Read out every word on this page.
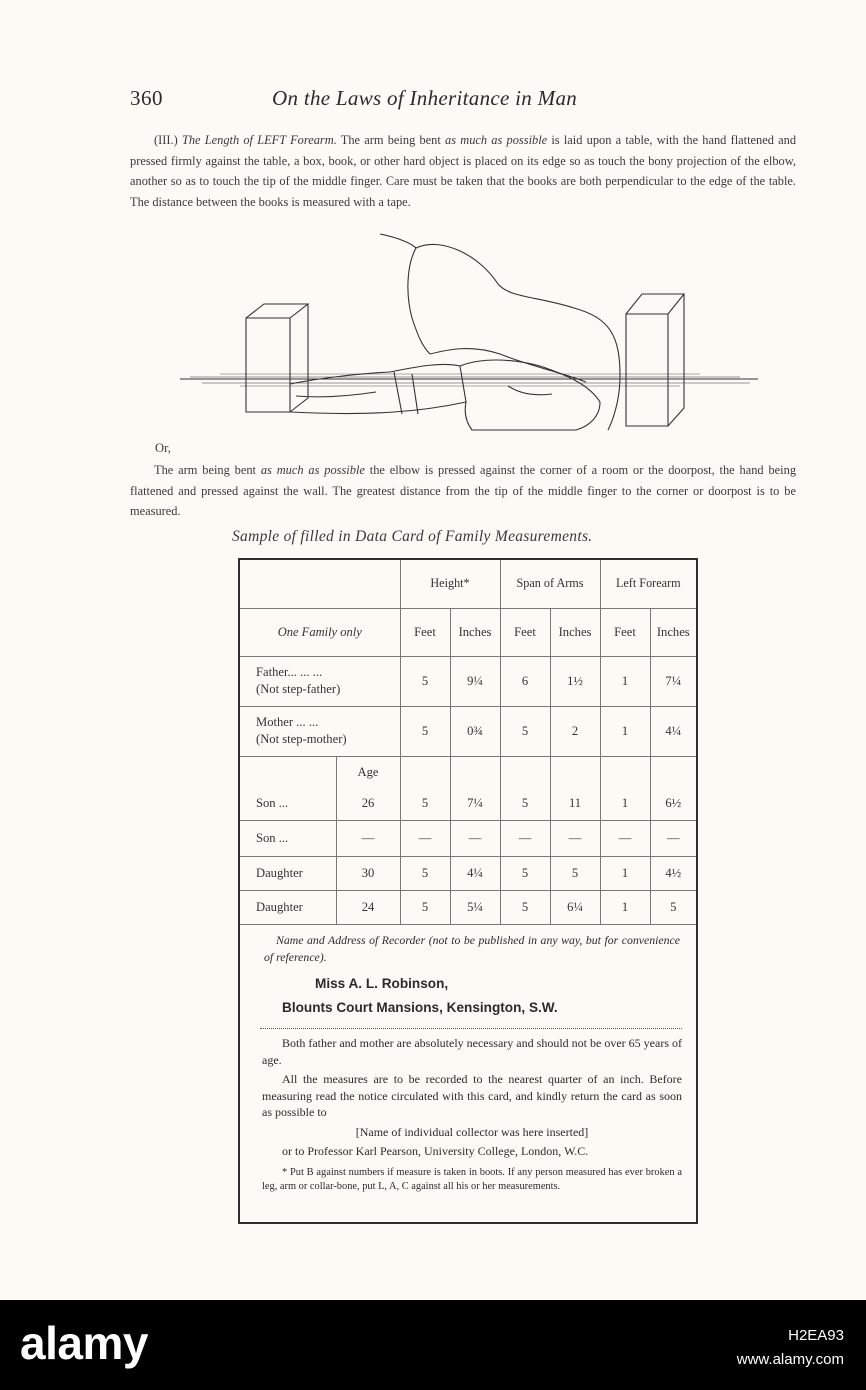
360	On the Laws of Inheritance in Man
(III.) The Length of LEFT Forearm. The arm being bent as much as possible is laid upon a table, with the hand flattened and pressed firmly against the table, a box, book, or other hard object is placed on its edge so as touch the bony projection of the elbow, another so as to touch the tip of the middle finger. Care must be taken that the books are both perpendicular to the edge of the table. The distance between the books is measured with a tape.
Or,
The arm being bent as much as possible the elbow is pressed against the corner of a room or the doorpost, the hand being flattened and pressed against the wall. The greatest distance from the tip of the middle finger to the corner or doorpost is to be measured.
Sample of filled in Data Card of Family Measurements.
		Height*		Span of Arms		Left Forearm	
One Family only		Feet	Inches	Feet	Inches	Feet	Inches

Father... ... ...
(Not step-father)		5	9¼	6	1½	1	7¼

Mother ... ...
(Not step-mother)		5	0¾	5	2	1	4¼
	Age						
Son ...	26	5	7¼	5	11	1	6½
Son ...	—	—	—	—	—	—	—
Daughter	30	5	4¼	5	5	1	4½
Daughter	24	5	5¼	5	6¼	1	5
Name and Address of Recorder (not to be published in any way, but for convenience of reference).
Miss A. L. Robinson,
Blounts Court Mansions, Kensington, S.W.

Both father and mother are absolutely necessary and should not be over 65 years of age.

All the measures are to be recorded to the nearest quarter of an inch. Before measuring read the notice circulated with this card, and kindly return the card as soon as possible to

[Name of individual collector was here inserted]

or to Professor Karl Pearson, University College, London, W.C.

* Put B against numbers if measure is taken in boots. If any person measured has ever broken a leg, arm or collar-bone, put L, A, C against all his or her measurements.

alamy	H2EA93
www.alamy.com
